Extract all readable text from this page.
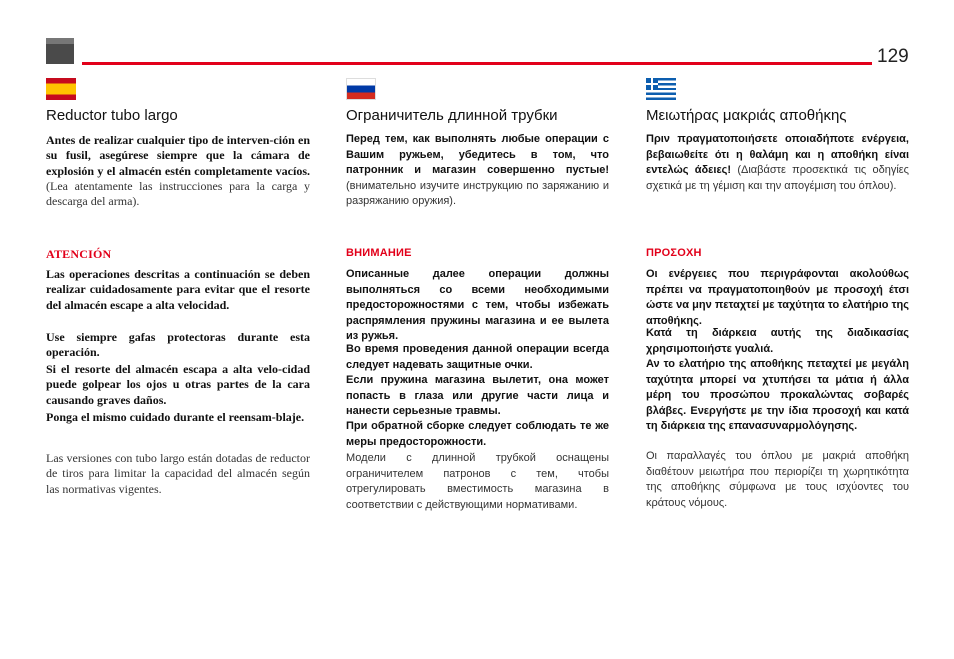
129
Reductor tubo largo

Antes de realizar cualquier tipo de interven-ción en su fusil, asegúrese siempre que la cámara de explosión y el almacén estén completamente vacíos. (Lea atentamente las instrucciones para la carga y descarga del arma).

ATENCIÓN

Las operaciones descritas a continuación se deben realizar cuidadosamente para evitar que el resorte del almacén escape a alta velocidad.

Use siempre gafas protectoras durante esta operación.

Si el resorte del almacén escapa a alta velo-cidad puede golpear los ojos u otras partes de la cara causando graves daños.

Ponga el mismo cuidado durante el reensam-blaje.

Las versiones con tubo largo están dotadas de reductor de tiros para limitar la capacidad del almacén según las normativas vigentes.

Ограничитель длинной трубки

Перед тем, как выполнять любые операции с Вашим ружьем, убедитесь в том, что патронник и магазин совершенно пустые! (внимательно изучите инструкцию по заряжанию и разряжанию оружия).

ВНИМАНИЕ

Описанные далее операции должны выполняться со всеми необходимыми предосторожностями с тем, чтобы избежать распрямления пружины магазина и ее вылета из ружья.

Во время проведения данной операции всегда следует надевать защитные очки.

Если пружина магазина вылетит, она может попасть в глаза или другие части лица и нанести серьезные травмы.

При обратной сборке следует соблюдать те же меры предосторожности.

Модели с длинной трубкой оснащены ограничителем патронов с тем, чтобы отрегулировать вместимость магазина в соответствии с действующими нормативами.

Μειωτήρας μακριάς αποθήκης

Πριν πραγματοποιήσετε οποιαδήποτε ενέργεια, βεβαιωθείτε ότι η θαλάμη και η αποθήκη είναι εντελώς άδειες! (Διαβάστε προσεκτικά τις οδηγίες σχετικά με τη γέμιση και την απογέμιση του όπλου).

ΠΡΟΣΟΧΗ

Οι ενέργειες που περιγράφονται ακολούθως πρέπει να πραγματοποιηθούν με προσοχή έτσι ώστε να μην πεταχτεί με ταχύτητα το ελατήριο της αποθήκης.

Κατά τη διάρκεια αυτής της διαδικασίας χρησιμοποιήστε γυαλιά.

Αν το ελατήριο της αποθήκης πεταχτεί με μεγάλη ταχύτητα μπορεί να χτυπήσει τα μάτια ή άλλα μέρη του προσώπου προκαλώντας σοβαρές βλάβες. Ενεργήστε με την ίδια προσοχή και κατά τη διάρκεια της επανασυναρμολόγησης.

Οι παραλλαγές του όπλου με μακριά αποθήκη διαθέτουν μειωτήρα που περιορίζει τη χωρητικότητα της αποθήκης σύμφωνα με τους ισχύοντες του κράτους νόμους.
